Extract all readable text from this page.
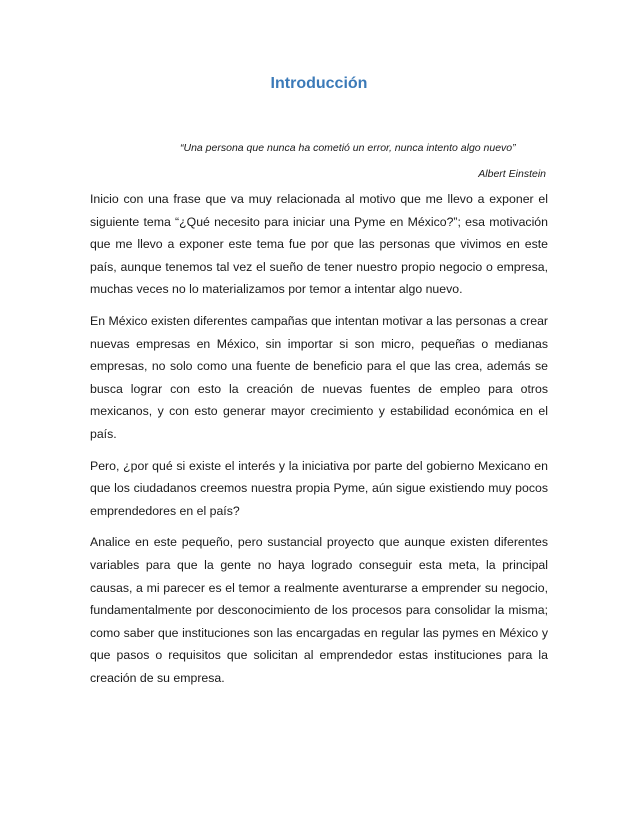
Introducción
“Una persona que nunca ha cometió un error, nunca intento algo nuevo”
Albert Einstein

Inicio con una frase que va muy relacionada al motivo que me llevo a exponer el siguiente tema “¿Qué necesito para iniciar una Pyme en México?”; esa motivación que me llevo a exponer este tema fue por que las personas que vivimos en este país, aunque tenemos tal vez el sueño de tener nuestro propio negocio o empresa, muchas veces no lo materializamos por temor a intentar algo nuevo.

En México existen diferentes campañas que intentan motivar a las personas a crear nuevas empresas en México, sin importar si son micro, pequeñas o medianas empresas, no solo como una fuente de beneficio para el que las crea, además se busca lograr con esto la creación de nuevas fuentes de empleo para otros mexicanos, y con esto generar mayor crecimiento y estabilidad económica en el país.

Pero, ¿por qué si existe el interés y la iniciativa por parte del gobierno Mexicano en que los ciudadanos creemos nuestra propia Pyme, aún sigue existiendo muy pocos emprendedores en el país?

Analice en este pequeño, pero sustancial proyecto que aunque existen diferentes variables para que la gente no haya logrado conseguir esta meta, la principal causas, a mi parecer es el temor a realmente aventurarse a emprender su negocio, fundamentalmente por desconocimiento de los procesos para consolidar la misma; como saber que instituciones son las encargadas en regular las pymes en México y que pasos o requisitos que solicitan al emprendedor estas instituciones para la creación de su empresa.
